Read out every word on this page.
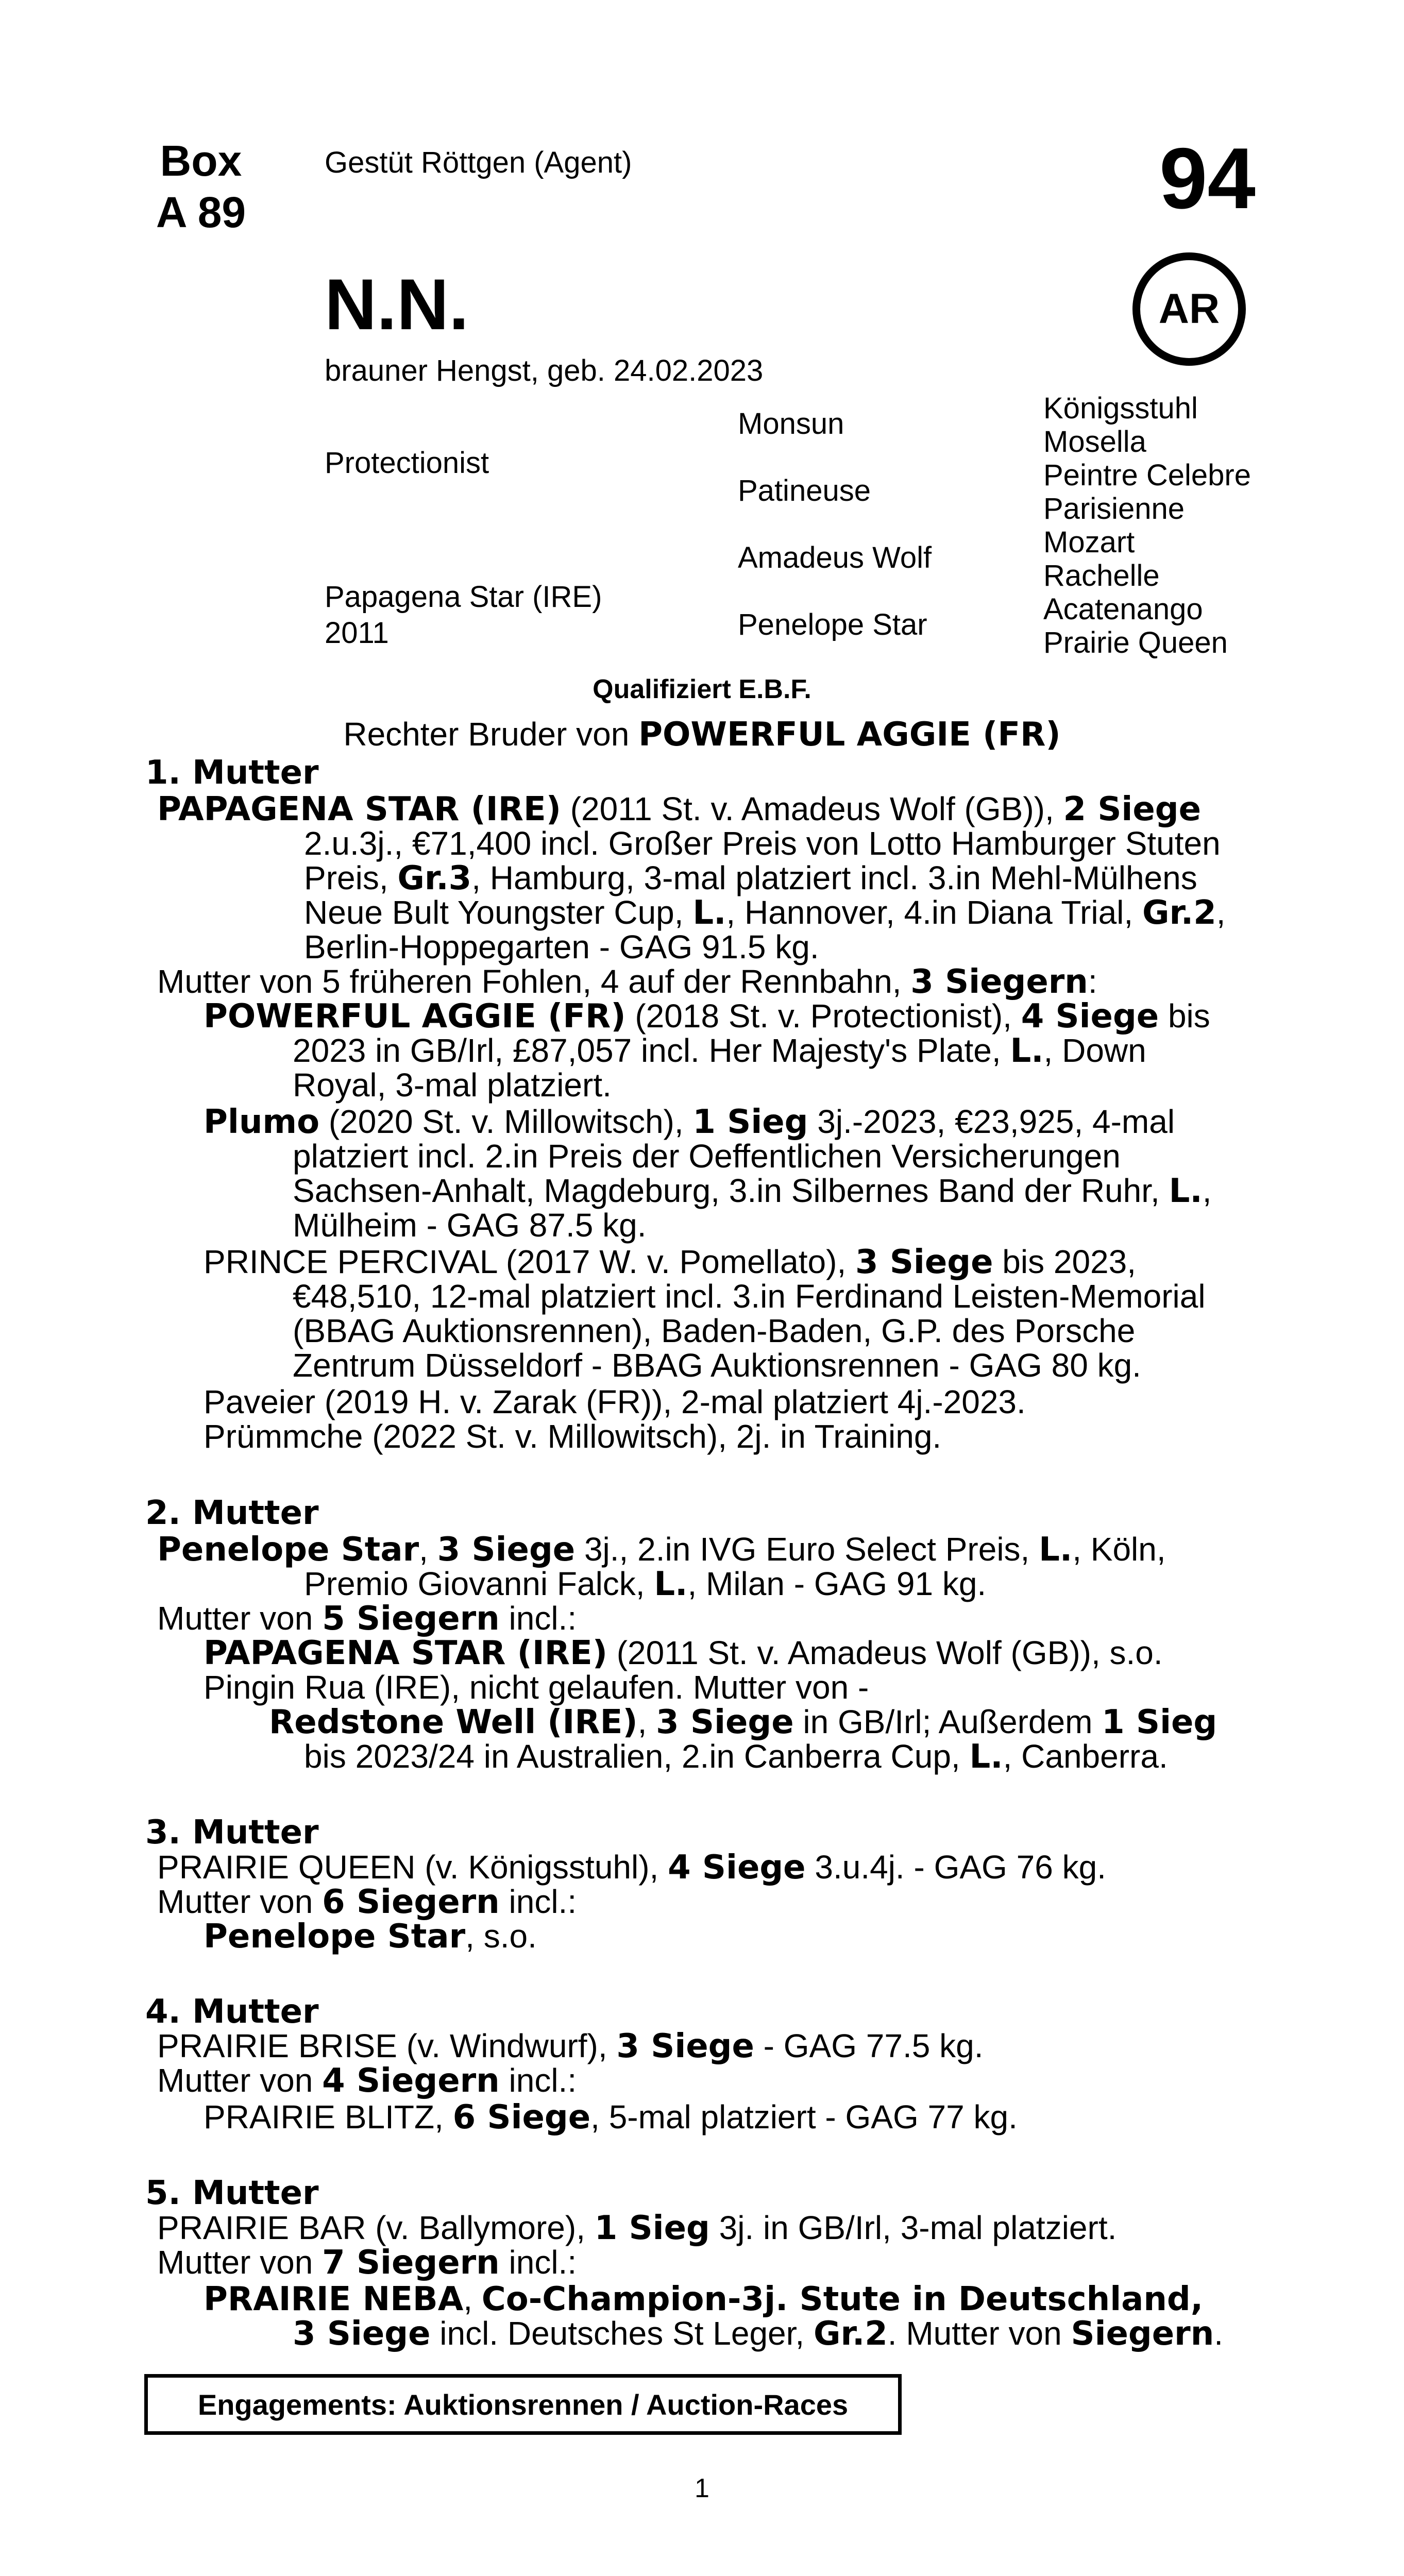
Box
A 89
Gestüt Röttgen (Agent)	94
AR
N.N.
brauner Hengst, geb. 24.02.2023
Protectionist
Papagena Star (IRE)
2011
Monsun
Patineuse
Amadeus Wolf
Penelope Star
Königsstuhl
Mosella
Peintre Celebre
Parisienne
Mozart
Rachelle
Acatenango
Prairie Queen
Qualifiziert E.B.F.
Rechter Bruder von POWERFUL AGGIE (FR)
1. Mutter
PAPAGENA STAR (IRE) (2011 St. v. Amadeus Wolf (GB)), 2 Siege
2.u.3j., €71,400 incl. Großer Preis von Lotto Hamburger Stuten
Preis, Gr.3, Hamburg, 3-mal platziert incl. 3.in Mehl-Mülhens
Neue Bult Youngster Cup, L., Hannover, 4.in Diana Trial, Gr.2,
Berlin-Hoppegarten - GAG 91.5 kg.
Mutter von 5 früheren Fohlen, 4 auf der Rennbahn, 3 Siegern:
POWERFUL AGGIE (FR) (2018 St. v. Protectionist), 4 Siege bis
2023 in GB/Irl, £87,057 incl. Her Majesty's Plate, L., Down
Royal, 3-mal platziert.
Plumo (2020 St. v. Millowitsch), 1 Sieg 3j.-2023, €23,925, 4-mal
platziert incl. 2.in Preis der Oeffentlichen Versicherungen
Sachsen-Anhalt, Magdeburg, 3.in Silbernes Band der Ruhr, L.,
Mülheim - GAG 87.5 kg.
PRINCE PERCIVAL (2017 W. v. Pomellato), 3 Siege bis 2023,
€48,510, 12-mal platziert incl. 3.in Ferdinand Leisten-Memorial
(BBAG Auktionsrennen), Baden-Baden, G.P. des Porsche
Zentrum Düsseldorf - BBAG Auktionsrennen - GAG 80 kg.
Paveier (2019 H. v. Zarak (FR)), 2-mal platziert 4j.-2023.
Prümmche (2022 St. v. Millowitsch), 2j. in Training.
2. Mutter
Penelope Star, 3 Siege 3j., 2.in IVG Euro Select Preis, L., Köln,
Premio Giovanni Falck, L., Milan - GAG 91 kg.
Mutter von 5 Siegern incl.:
PAPAGENA STAR (IRE) (2011 St. v. Amadeus Wolf (GB)), s.o.
Pingin Rua (IRE), nicht gelaufen. Mutter von -
Redstone Well (IRE), 3 Siege in GB/Irl; Außerdem 1 Sieg
bis 2023/24 in Australien, 2.in Canberra Cup, L., Canberra.
3. Mutter
PRAIRIE QUEEN (v. Königsstuhl), 4 Siege 3.u.4j. - GAG 76 kg.
Mutter von 6 Siegern incl.:
Penelope Star, s.o.
4. Mutter
PRAIRIE BRISE (v. Windwurf), 3 Siege - GAG 77.5 kg.
Mutter von 4 Siegern incl.:
PRAIRIE BLITZ, 6 Siege, 5-mal platziert - GAG 77 kg.
5. Mutter
PRAIRIE BAR (v. Ballymore), 1 Sieg 3j. in GB/Irl, 3-mal platziert.
Mutter von 7 Siegern incl.:
PRAIRIE NEBA, Co-Champion-3j. Stute in Deutschland,
3 Siege incl. Deutsches St Leger, Gr.2. Mutter von Siegern.
Engagements: Auktionsrennen / Auction-Races
1
